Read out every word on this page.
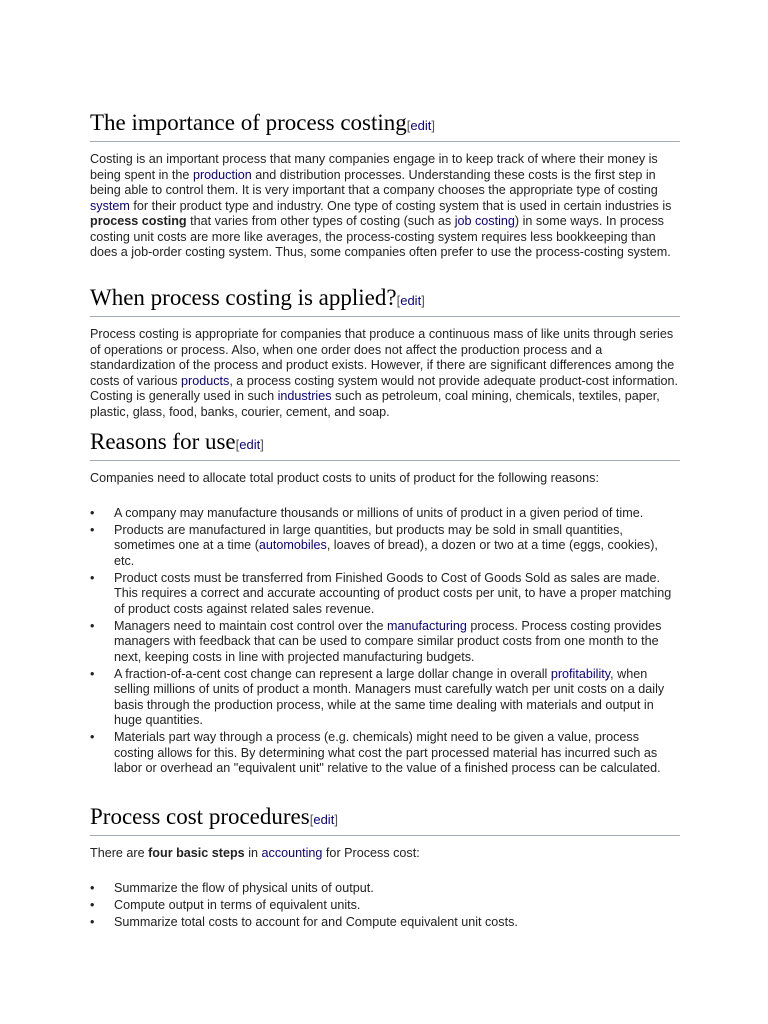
The importance of process costing[edit]

Costing is an important process that many companies engage in to keep track of where their money is being spent in the production and distribution processes. Understanding these costs is the first step in being able to control them. It is very important that a company chooses the appropriate type of costing system for their product type and industry. One type of costing system that is used in certain industries is process costing that varies from other types of costing (such as job costing) in some ways. In process costing unit costs are more like averages, the process-costing system requires less bookkeeping than does a job-order costing system. Thus, some companies often prefer to use the process-costing system.

When process costing is applied?[edit]

Process costing is appropriate for companies that produce a continuous mass of like units through series of operations or process. Also, when one order does not affect the production process and a standardization of the process and product exists. However, if there are significant differences among the costs of various products, a process costing system would not provide adequate product-cost information. Costing is generally used in such industries such as petroleum, coal mining, chemicals, textiles, paper, plastic, glass, food, banks, courier, cement, and soap.

Reasons for use[edit]

Companies need to allocate total product costs to units of product for the following reasons:

• A company may manufacture thousands or millions of units of product in a given period of time.
• Products are manufactured in large quantities, but products may be sold in small quantities, sometimes one at a time (automobiles, loaves of bread), a dozen or two at a time (eggs, cookies), etc.
• Product costs must be transferred from Finished Goods to Cost of Goods Sold as sales are made. This requires a correct and accurate accounting of product costs per unit, to have a proper matching of product costs against related sales revenue.
• Managers need to maintain cost control over the manufacturing process. Process costing provides managers with feedback that can be used to compare similar product costs from one month to the next, keeping costs in line with projected manufacturing budgets.
• A fraction-of-a-cent cost change can represent a large dollar change in overall profitability, when selling millions of units of product a month. Managers must carefully watch per unit costs on a daily basis through the production process, while at the same time dealing with materials and output in huge quantities.
• Materials part way through a process (e.g. chemicals) might need to be given a value, process costing allows for this. By determining what cost the part processed material has incurred such as labor or overhead an "equivalent unit" relative to the value of a finished process can be calculated.
Process cost procedures[edit]

There are four basic steps in accounting for Process cost:

• Summarize the flow of physical units of output.
• Compute output in terms of equivalent units.
• Summarize total costs to account for and Compute equivalent unit costs.
